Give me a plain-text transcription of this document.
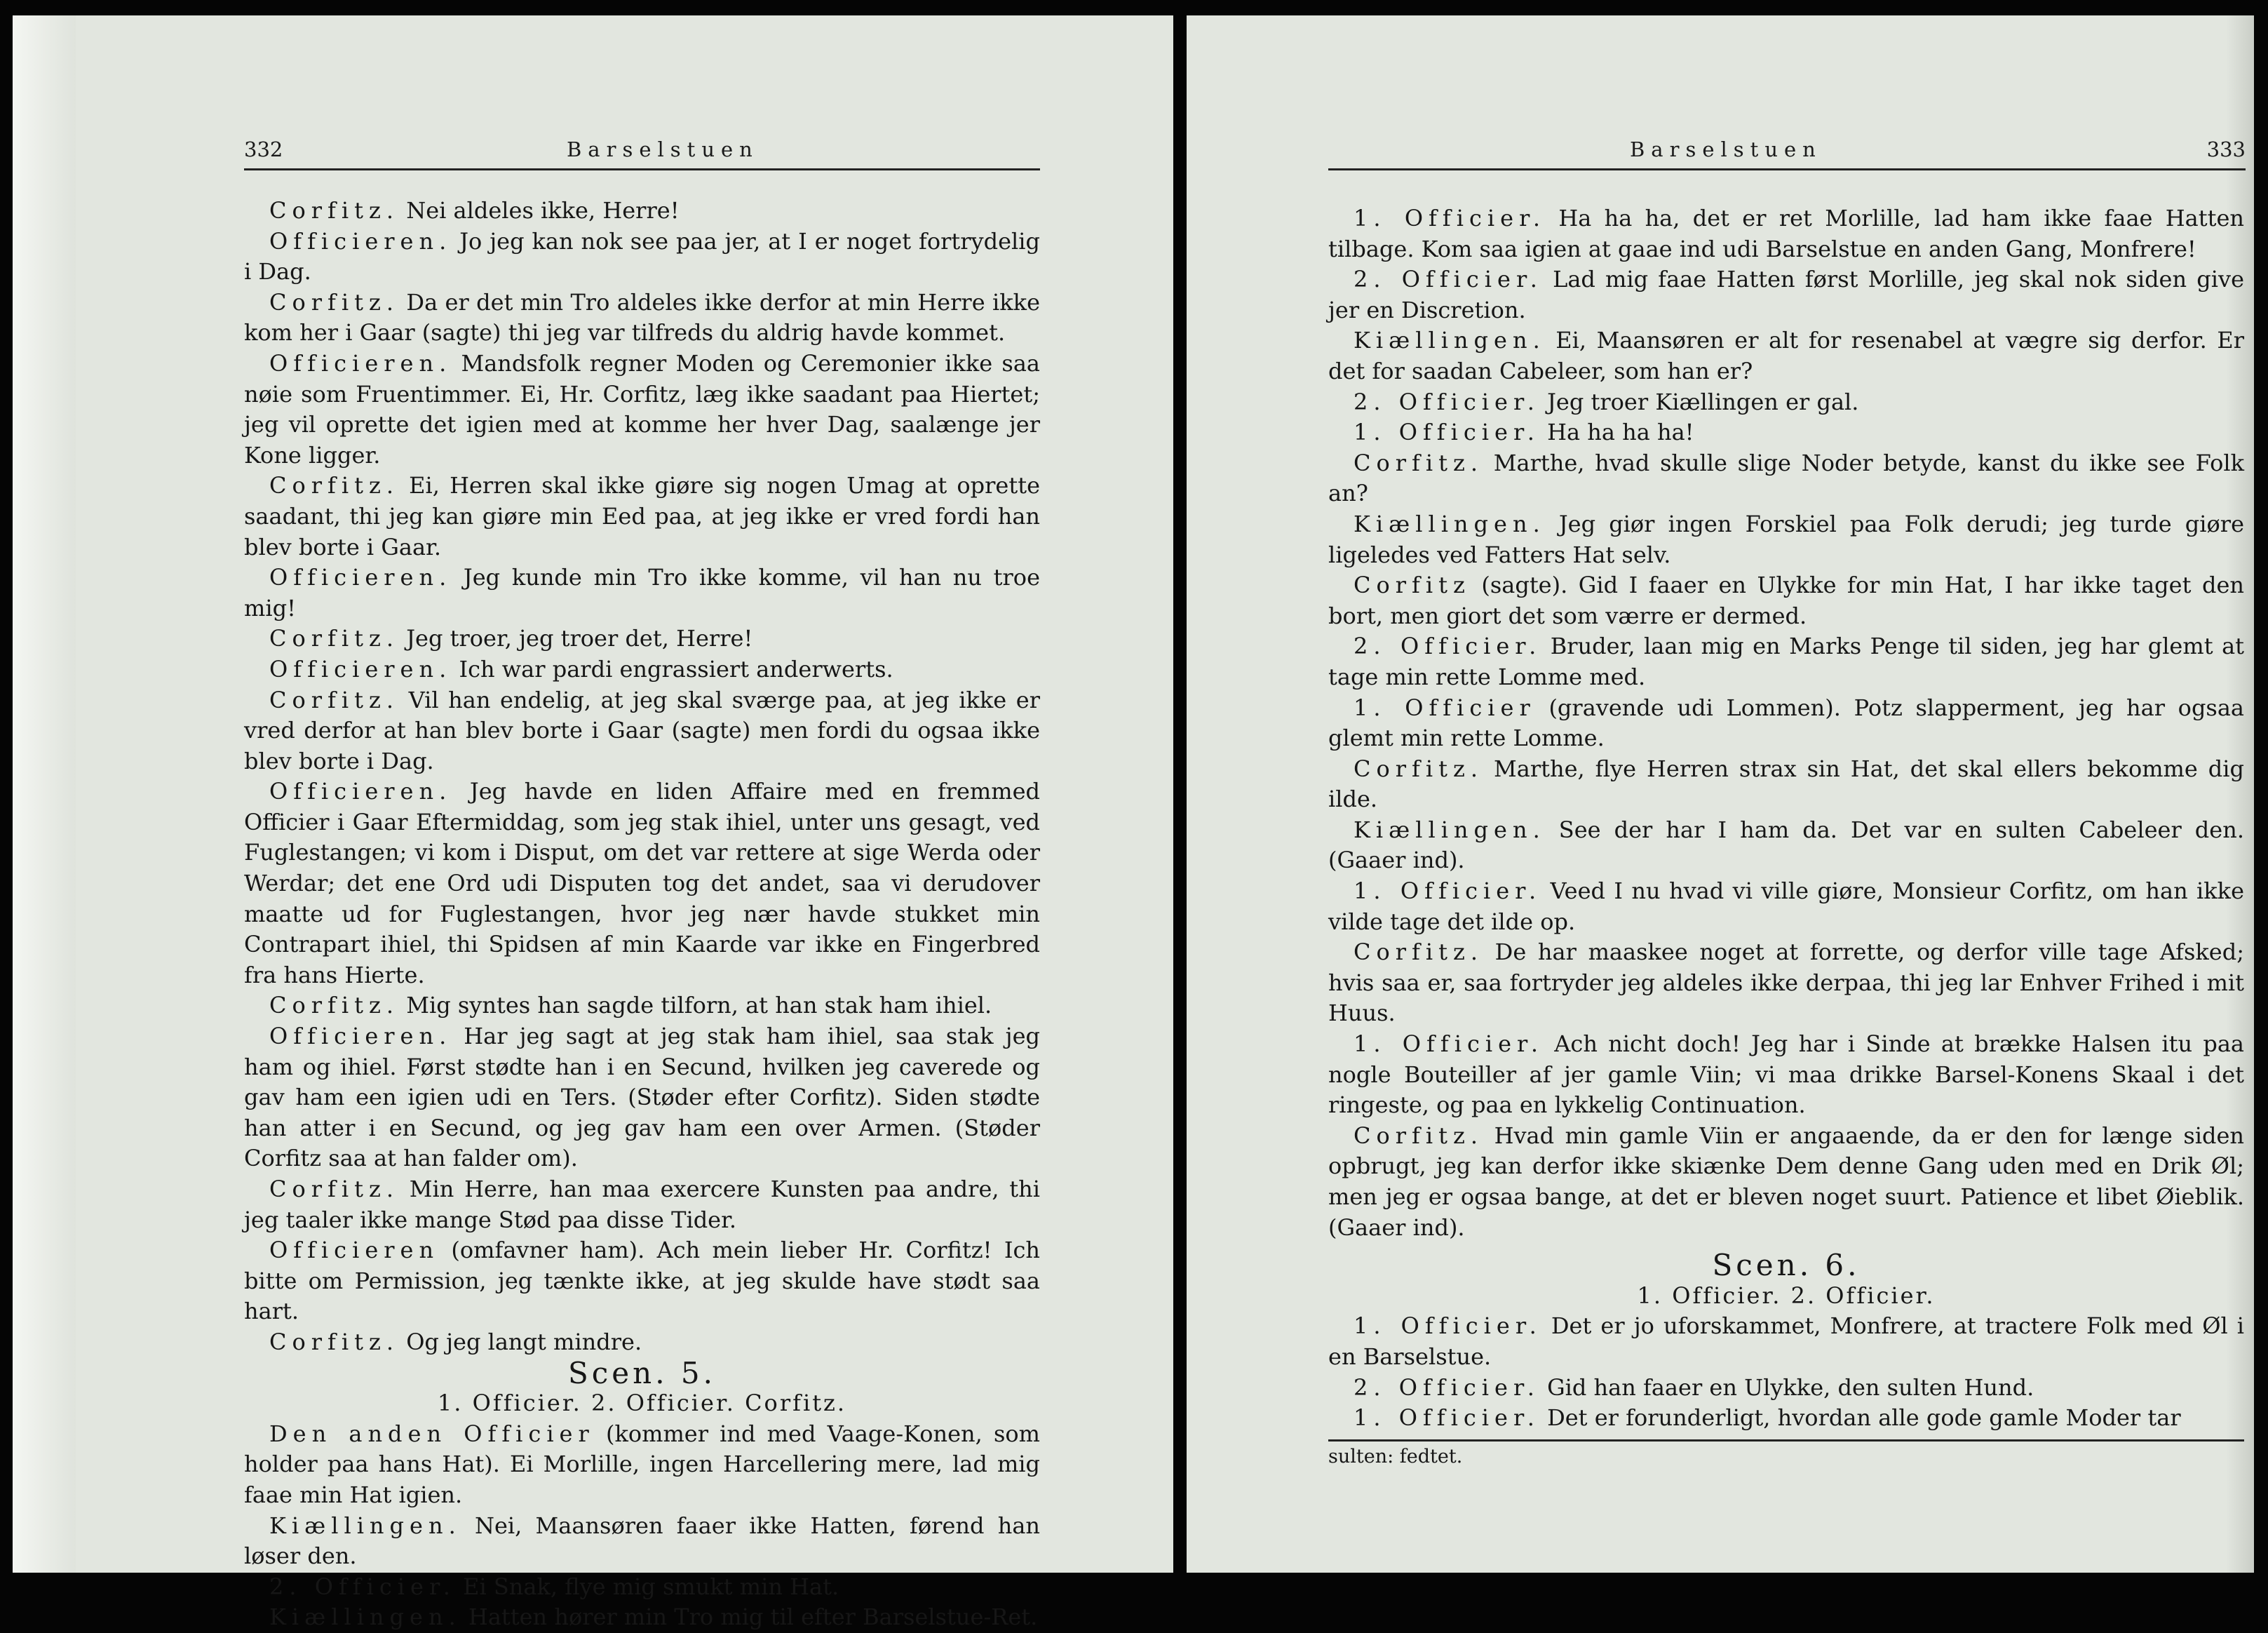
332	Barselstuen

Corfitz. Nei aldeles ikke, Herre!

Officieren. Jo jeg kan nok see paa jer, at I er noget fortrydelig i Dag.

Corfitz. Da er det min Tro aldeles ikke derfor at min Herre ikke kom her i Gaar (sagte) thi jeg var tilfreds du aldrig havde kommet.

Officieren. Mandsfolk regner Moden og Ceremonier ikke saa nøie som Fruentimmer. Ei, Hr. Corfitz, læg ikke saadant paa Hiertet; jeg vil oprette det igien med at komme her hver Dag, saalænge jer Kone ligger.

Corfitz. Ei, Herren skal ikke giøre sig nogen Umag at oprette saadant, thi jeg kan giøre min Eed paa, at jeg ikke er vred fordi han blev borte i Gaar.

Officieren. Jeg kunde min Tro ikke komme, vil han nu troe mig!

Corfitz. Jeg troer, jeg troer det, Herre!

Officieren. Ich war pardi engrassiert anderwerts.

Corfitz. Vil han endelig, at jeg skal sværge paa, at jeg ikke er vred derfor at han blev borte i Gaar (sagte) men fordi du ogsaa ikke blev borte i Dag.

Officieren. Jeg havde en liden Affaire med en fremmed Officier i Gaar Eftermiddag, som jeg stak ihiel, unter uns gesagt, ved Fuglestangen; vi kom i Disput, om det var rettere at sige Werda oder Werdar; det ene Ord udi Disputen tog det andet, saa vi derudover maatte ud for Fuglestangen, hvor jeg nær havde stukket min Contrapart ihiel, thi Spidsen af min Kaarde var ikke en Fingerbred fra hans Hierte.

Corfitz. Mig syntes han sagde tilforn, at han stak ham ihiel.

Officieren. Har jeg sagt at jeg stak ham ihiel, saa stak jeg ham og ihiel. Først stødte han i en Secund, hvilken jeg caverede og gav ham een igien udi en Ters. (Støder efter Corfitz). Siden stødte han atter i en Secund, og jeg gav ham een over Armen. (Støder Corfitz saa at han falder om).

Corfitz. Min Herre, han maa exercere Kunsten paa andre, thi jeg taaler ikke mange Stød paa disse Tider.

Officieren (omfavner ham). Ach mein lieber Hr. Corfitz! Ich bitte om Permission, jeg tænkte ikke, at jeg skulde have stødt saa hart.

Corfitz. Og jeg langt mindre.

Scen. 5.

1. Officier. 2. Officier. Corfitz.

Den anden Officier (kommer ind med Vaage-Konen, som holder paa hans Hat). Ei Morlille, ingen Harcellering mere, lad mig faae min Hat igien.

Kiællingen. Nei, Maansøren faaer ikke Hatten, førend han løser den.

2. Officier. Ei Snak, flye mig smukt min Hat.

Kiællingen. Hatten hører min Tro mig til efter Barselstue-Ret.

Barselstuen	333

1. Officier. Ha ha ha, det er ret Morlille, lad ham ikke faae Hatten tilbage. Kom saa igien at gaae ind udi Barselstue en anden Gang, Monfrere!

2. Officier. Lad mig faae Hatten først Morlille, jeg skal nok siden give jer en Discretion.

Kiællingen. Ei, Maansøren er alt for resenabel at vægre sig derfor. Er det for saadan Cabeleer, som han er?

2. Officier. Jeg troer Kiællingen er gal.

1. Officier. Ha ha ha ha!

Corfitz. Marthe, hvad skulle slige Noder betyde, kanst du ikke see Folk an?

Kiællingen. Jeg giør ingen Forskiel paa Folk derudi; jeg turde giøre ligeledes ved Fatters Hat selv.

Corfitz (sagte). Gid I faaer en Ulykke for min Hat, I har ikke taget den bort, men giort det som værre er dermed.

2. Officier. Bruder, laan mig en Marks Penge til siden, jeg har glemt at tage min rette Lomme med.

1. Officier (gravende udi Lommen). Potz slapperment, jeg har ogsaa glemt min rette Lomme.

Corfitz. Marthe, flye Herren strax sin Hat, det skal ellers bekomme dig ilde.

Kiællingen. See der har I ham da. Det var en sulten Cabeleer den. (Gaaer ind).

1. Officier. Veed I nu hvad vi ville giøre, Monsieur Corfitz, om han ikke vilde tage det ilde op.

Corfitz. De har maaskee noget at forrette, og derfor ville tage Afsked; hvis saa er, saa fortryder jeg aldeles ikke derpaa, thi jeg lar Enhver Frihed i mit Huus.

1. Officier. Ach nicht doch! Jeg har i Sinde at brække Halsen itu paa nogle Bouteiller af jer gamle Viin; vi maa drikke Barsel-Konens Skaal i det ringeste, og paa en lykkelig Continuation.

Corfitz. Hvad min gamle Viin er angaaende, da er den for længe siden opbrugt, jeg kan derfor ikke skiænke Dem denne Gang uden med en Drik Øl; men jeg er ogsaa bange, at det er bleven noget suurt. Patience et libet Øieblik. (Gaaer ind).

Scen. 6.

1. Officier. 2. Officier.

1. Officier. Det er jo uforskammet, Monfrere, at tractere Folk med Øl i en Barselstue.

2. Officier. Gid han faaer en Ulykke, den sulten Hund.

1. Officier. Det er forunderligt, hvordan alle gode gamle Moder tar

sulten: fedtet.
